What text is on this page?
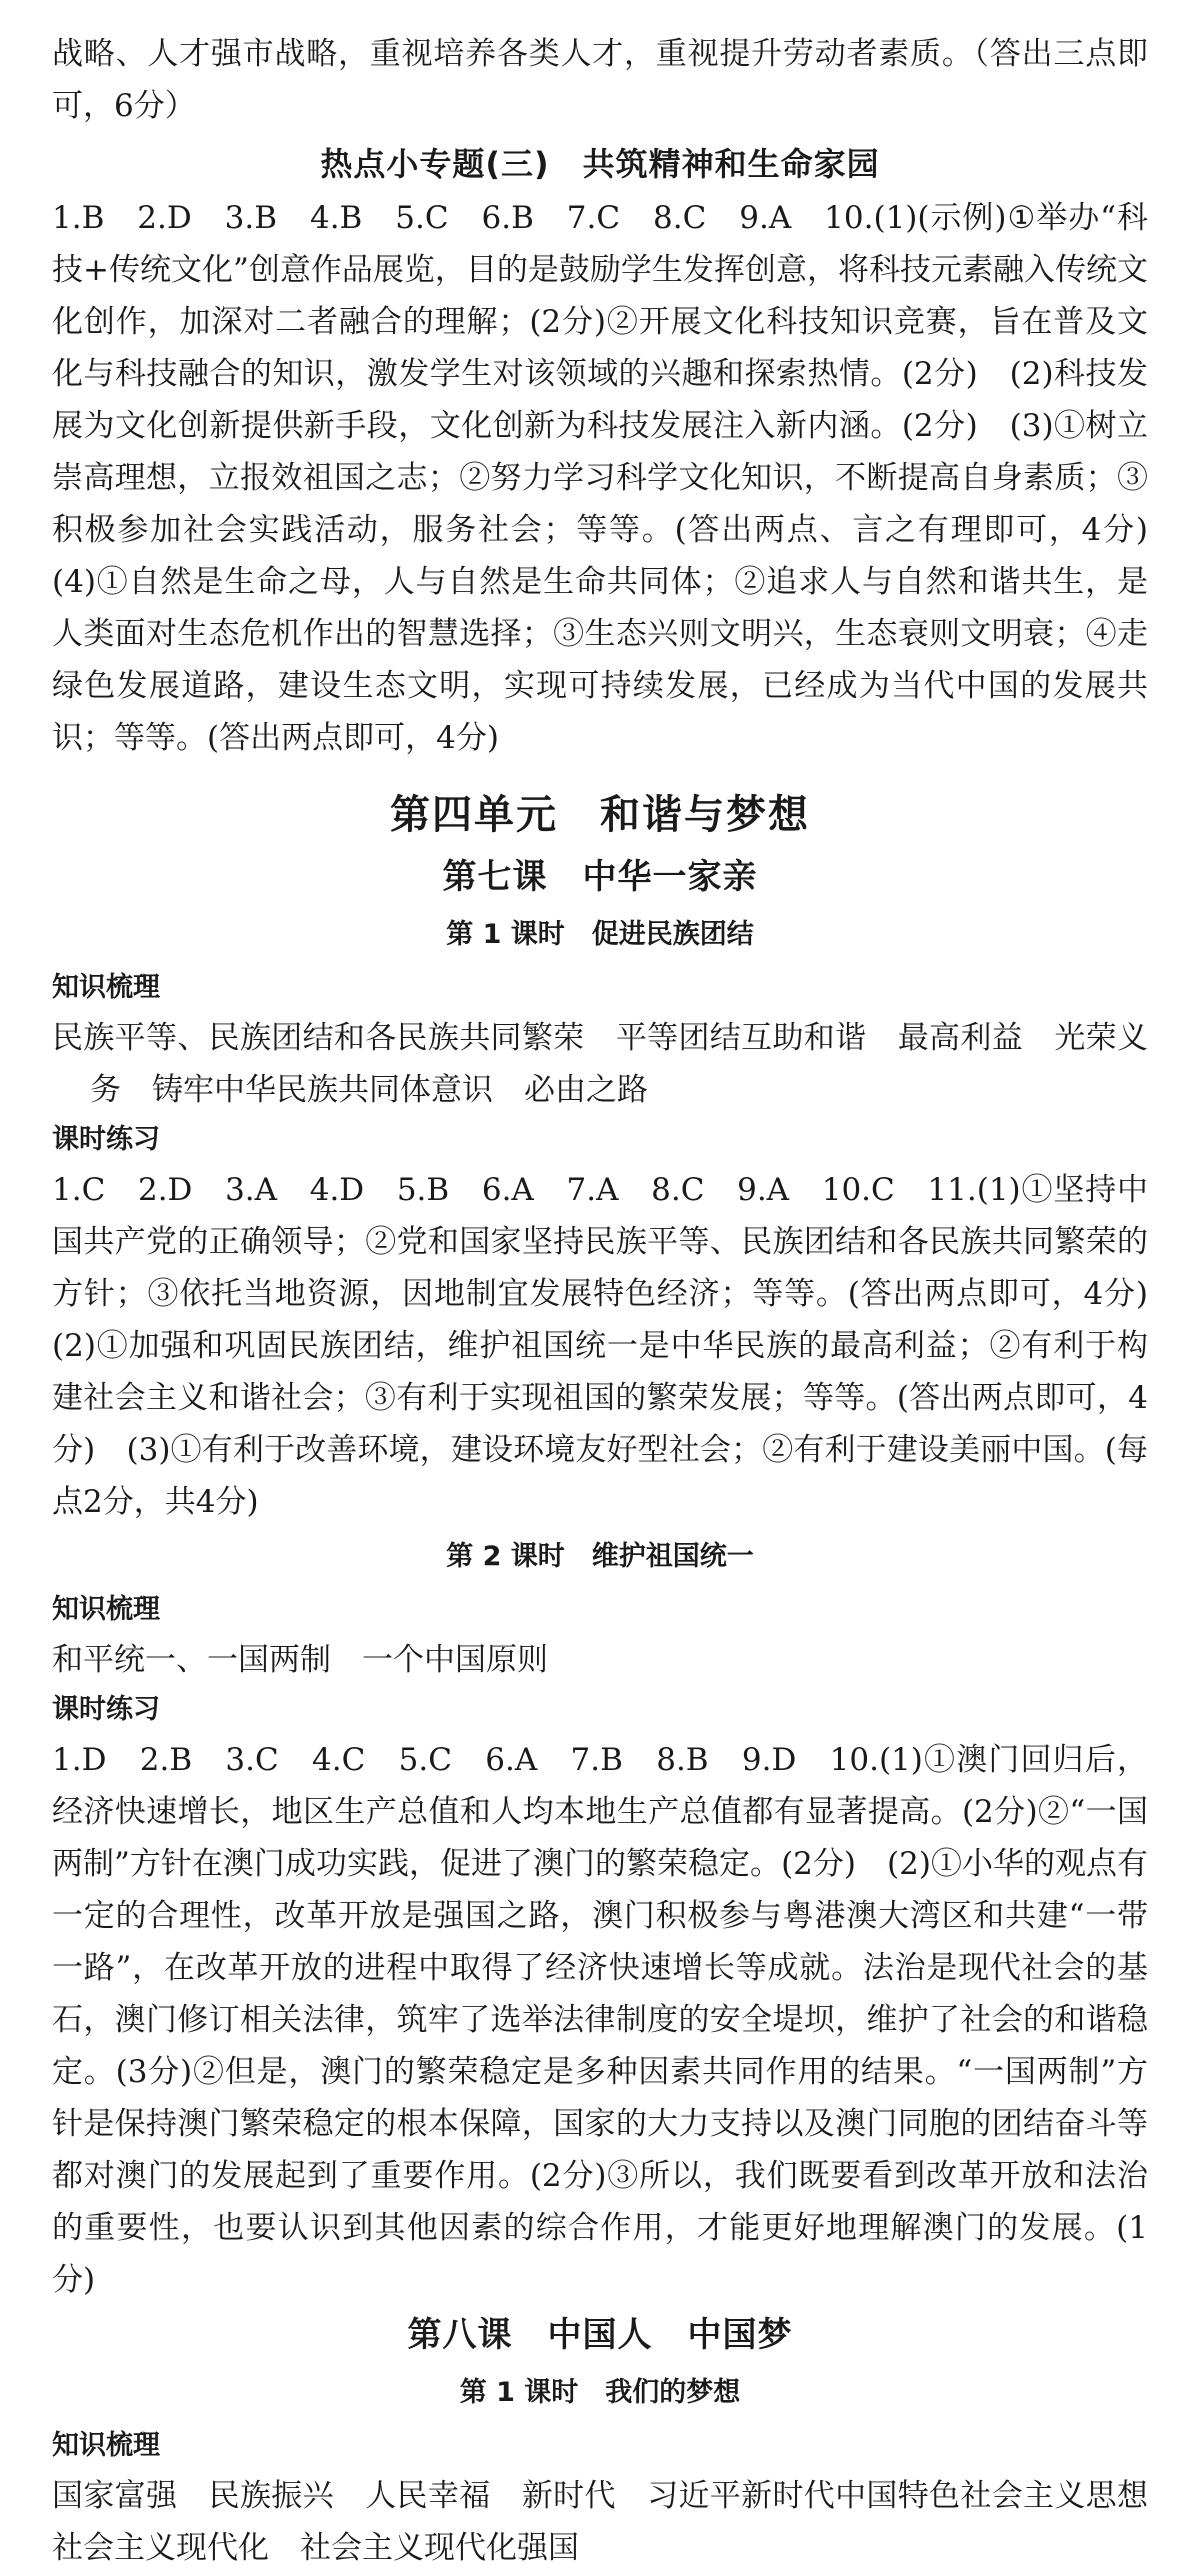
战略、人才强市战略，重视培养各类人才，重视提升劳动者素质。（答出三点即可，6分）

热点小专题(三)　共筑精神和生命家园

1.B　2.D　3.B　4.B　5.C　6.B　7.C　8.C　9.A　10.(1)(示例)①举办“科技+传统文化”创意作品展览，目的是鼓励学生发挥创意，将科技元素融入传统文化创作，加深对二者融合的理解；(2分)②开展文化科技知识竞赛，旨在普及文化与科技融合的知识，激发学生对该领域的兴趣和探索热情。(2分)　(2)科技发展为文化创新提供新手段，文化创新为科技发展注入新内涵。(2分)　(3)①树立崇高理想，立报效祖国之志；②努力学习科学文化知识，不断提高自身素质；③积极参加社会实践活动，服务社会；等等。(答出两点、言之有理即可，4分)　(4)①自然是生命之母，人与自然是生命共同体；②追求人与自然和谐共生，是人类面对生态危机作出的智慧选择；③生态兴则文明兴，生态衰则文明衰；④走绿色发展道路，建设生态文明，实现可持续发展，已经成为当代中国的发展共识；等等。(答出两点即可，4分)

第四单元　和谐与梦想
第七课　中华一家亲
第 1 课时　促进民族团结
知识梳理

民族平等、民族团结和各民族共同繁荣　平等团结互助和谐　最高利益　光荣义务　铸牢中华民族共同体意识　必由之路

课时练习

1.C　2.D　3.A　4.D　5.B　6.A　7.A　8.C　9.A　10.C　11.(1)①坚持中国共产党的正确领导；②党和国家坚持民族平等、民族团结和各民族共同繁荣的方针；③依托当地资源，因地制宜发展特色经济；等等。(答出两点即可，4分)　(2)①加强和巩固民族团结，维护祖国统一是中华民族的最高利益；②有利于构建社会主义和谐社会；③有利于实现祖国的繁荣发展；等等。(答出两点即可，4分)　(3)①有利于改善环境，建设环境友好型社会；②有利于建设美丽中国。(每点2分，共4分)

第 2 课时　维护祖国统一
知识梳理

和平统一、一国两制　一个中国原则

课时练习

1.D　2.B　3.C　4.C　5.C　6.A　7.B　8.B　9.D　10.(1)①澳门回归后，经济快速增长，地区生产总值和人均本地生产总值都有显著提高。(2分)②“一国两制”方针在澳门成功实践，促进了澳门的繁荣稳定。(2分)　(2)①小华的观点有一定的合理性，改革开放是强国之路，澳门积极参与粤港澳大湾区和共建“一带一路”，在改革开放的进程中取得了经济快速增长等成就。法治是现代社会的基石，澳门修订相关法律，筑牢了选举法律制度的安全堤坝，维护了社会的和谐稳定。(3分)②但是，澳门的繁荣稳定是多种因素共同作用的结果。“一国两制”方针是保持澳门繁荣稳定的根本保障，国家的大力支持以及澳门同胞的团结奋斗等都对澳门的发展起到了重要作用。(2分)③所以，我们既要看到改革开放和法治的重要性，也要认识到其他因素的综合作用，才能更好地理解澳门的发展。(1分)

第八课　中国人　中国梦
第 1 课时　我们的梦想
知识梳理

国家富强　民族振兴　人民幸福　新时代　习近平新时代中国特色社会主义思想　社会主义现代化　社会主义现代化强国
